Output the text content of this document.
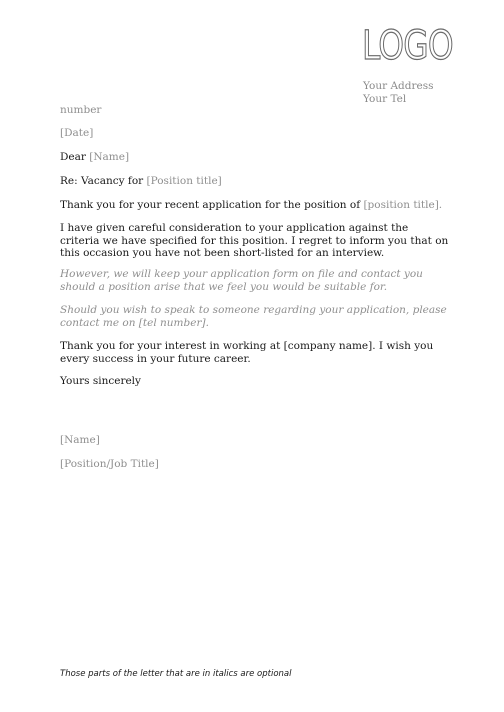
LOGO
Your Address
Your Tel

number

[Date]

Dear [Name]

Re: Vacancy for [Position title]

Thank you for your recent application for the position of [position title].

I have given careful consideration to your application against the criteria we have specified for this position. I regret to inform you that on this occasion you have not been short-listed for an interview.

However, we will keep your application form on file and contact you should a position arise that we feel you would be suitable for.

Should you wish to speak to someone regarding your application, please contact me on [tel number].

Thank you for your interest in working at [company name]. I wish you every success in your future career.

Yours sincerely

[Name]

[Position/Job Title]

Those parts of the letter that are in italics are optional
